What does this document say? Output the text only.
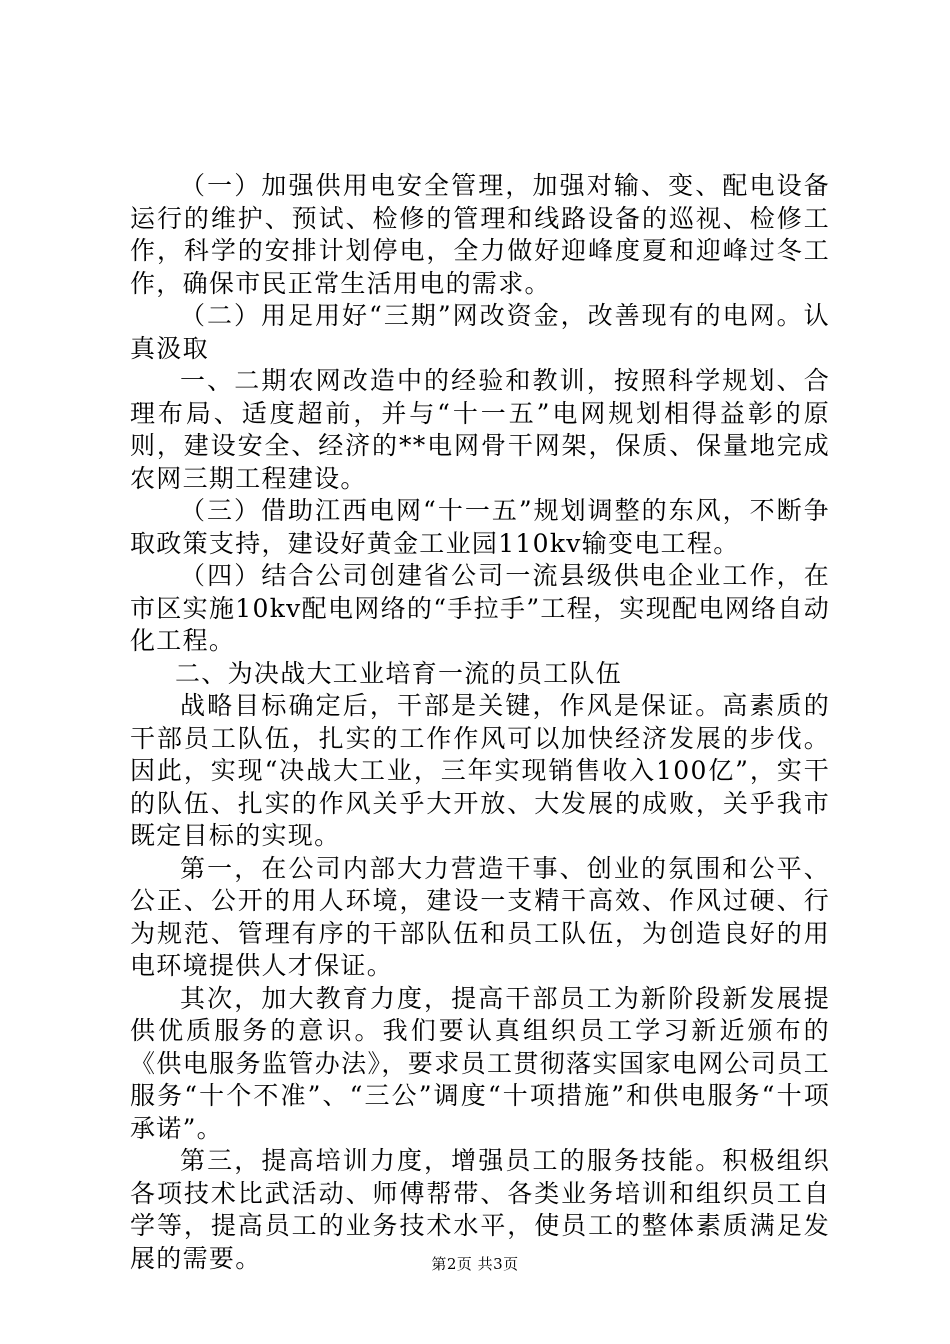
（一）加强供用电安全管理，加强对输、变、配电设备运行的维护、预试、检修的管理和线路设备的巡视、检修工作，科学的安排计划停电，全力做好迎峰度夏和迎峰过冬工作，确保市民正常生活用电的需求。

（二）用足用好“三期”网改资金，改善现有的电网。认真汲取

一、二期农网改造中的经验和教训，按照科学规划、合理布局、适度超前，并与“十一五”电网规划相得益彰的原则，建设安全、经济的**电网骨干网架，保质、保量地完成农网三期工程建设。

（三）借助江西电网“十一五”规划调整的东风，不断争取政策支持，建设好黄金工业园110kv输变电工程。

（四）结合公司创建省公司一流县级供电企业工作，在市区实施10kv配电网络的“手拉手”工程，实现配电网络自动化工程。

二、为决战大工业培育一流的员工队伍

战略目标确定后，干部是关键，作风是保证。高素质的干部员工队伍，扎实的工作作风可以加快经济发展的步伐。因此，实现“决战大工业，三年实现销售收入100亿”，实干的队伍、扎实的作风关乎大开放、大发展的成败，关乎我市既定目标的实现。

第一，在公司内部大力营造干事、创业的氛围和公平、公正、公开的用人环境，建设一支精干高效、作风过硬、行为规范、管理有序的干部队伍和员工队伍，为创造良好的用电环境提供人才保证。

其次，加大教育力度，提高干部员工为新阶段新发展提供优质服务的意识。我们要认真组织员工学习新近颁布的《供电服务监管办法》，要求员工贯彻落实国家电网公司员工服务“十个不准”、“三公”调度“十项措施”和供电服务“十项承诺”。

第三，提高培训力度，增强员工的服务技能。积极组织各项技术比武活动、师傅帮带、各类业务培训和组织员工自学等，提高员工的业务技术水平，使员工的整体素质满足发展的需要。	第2页 共3页
